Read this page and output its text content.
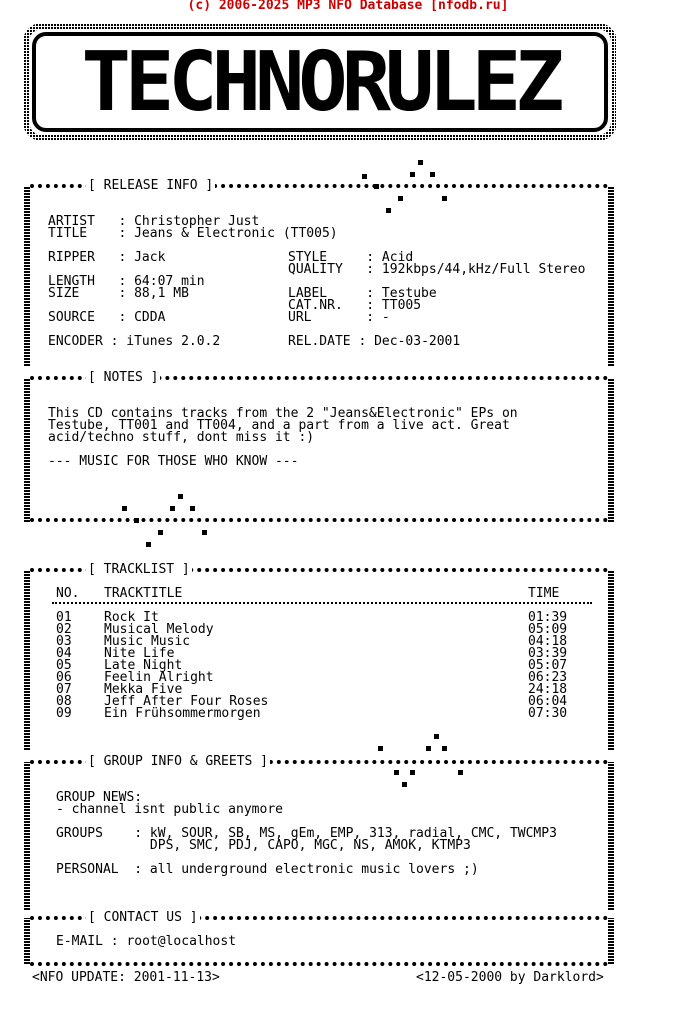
(c) 2006-2025 MP3 NFO Database [nfodb.ru]
TECHNORULEZ
[ RELEASE INFO ]
ARTIST   : Christopher Just
TITLE    : Jeans & Electronic (TT005)

RIPPER   : Jack

LENGTH   : 64:07 min
SIZE     : 88,1 MB

SOURCE   : CDDA

ENCODER : iTunes 2.0.2
STYLE     : Acid
QUALITY   : 192kbps/44,kHz/Full Stereo

LABEL     : Testube
CAT.NR.   : TT005
URL       : -

REL.DATE : Dec-03-2001
[ NOTES ]
This CD contains tracks from the 2 "Jeans&Electronic" EPs on
Testube, TT001 and TT004, and a part from a live act. Great
acid/techno stuff, dont miss it :)

--- MUSIC FOR THOSE WHO KNOW ---
[ TRACKLIST ]
NO. TRACKTITLE	TIME
01 Rock It	01:39
02 Musical Melody	05:09
03 Music Music	04:18
04 Nite Life	03:39
05 Late Night	05:07
06 Feelin Alright	06:23
07 Mekka Five	24:18
08 Jeff After Four Roses	06:04
09 Ein Frühsommermorgen	07:30
[ GROUP INFO & GREETS ]
GROUP NEWS:
- channel isnt public anymore

GROUPS    : kW, SOUR, SB, MS, gEm, EMP, 313, radial, CMC, TWCMP3
DPS, SMC, PDJ, CAPO, MGC, NS, AMOK, KTMP3

PERSONAL  : all underground electronic music lovers ;)
[ CONTACT US ]
E-MAIL : root@localhost
<NFO UPDATE: 2001-11-13>	<12-05-2000 by Darklord>
